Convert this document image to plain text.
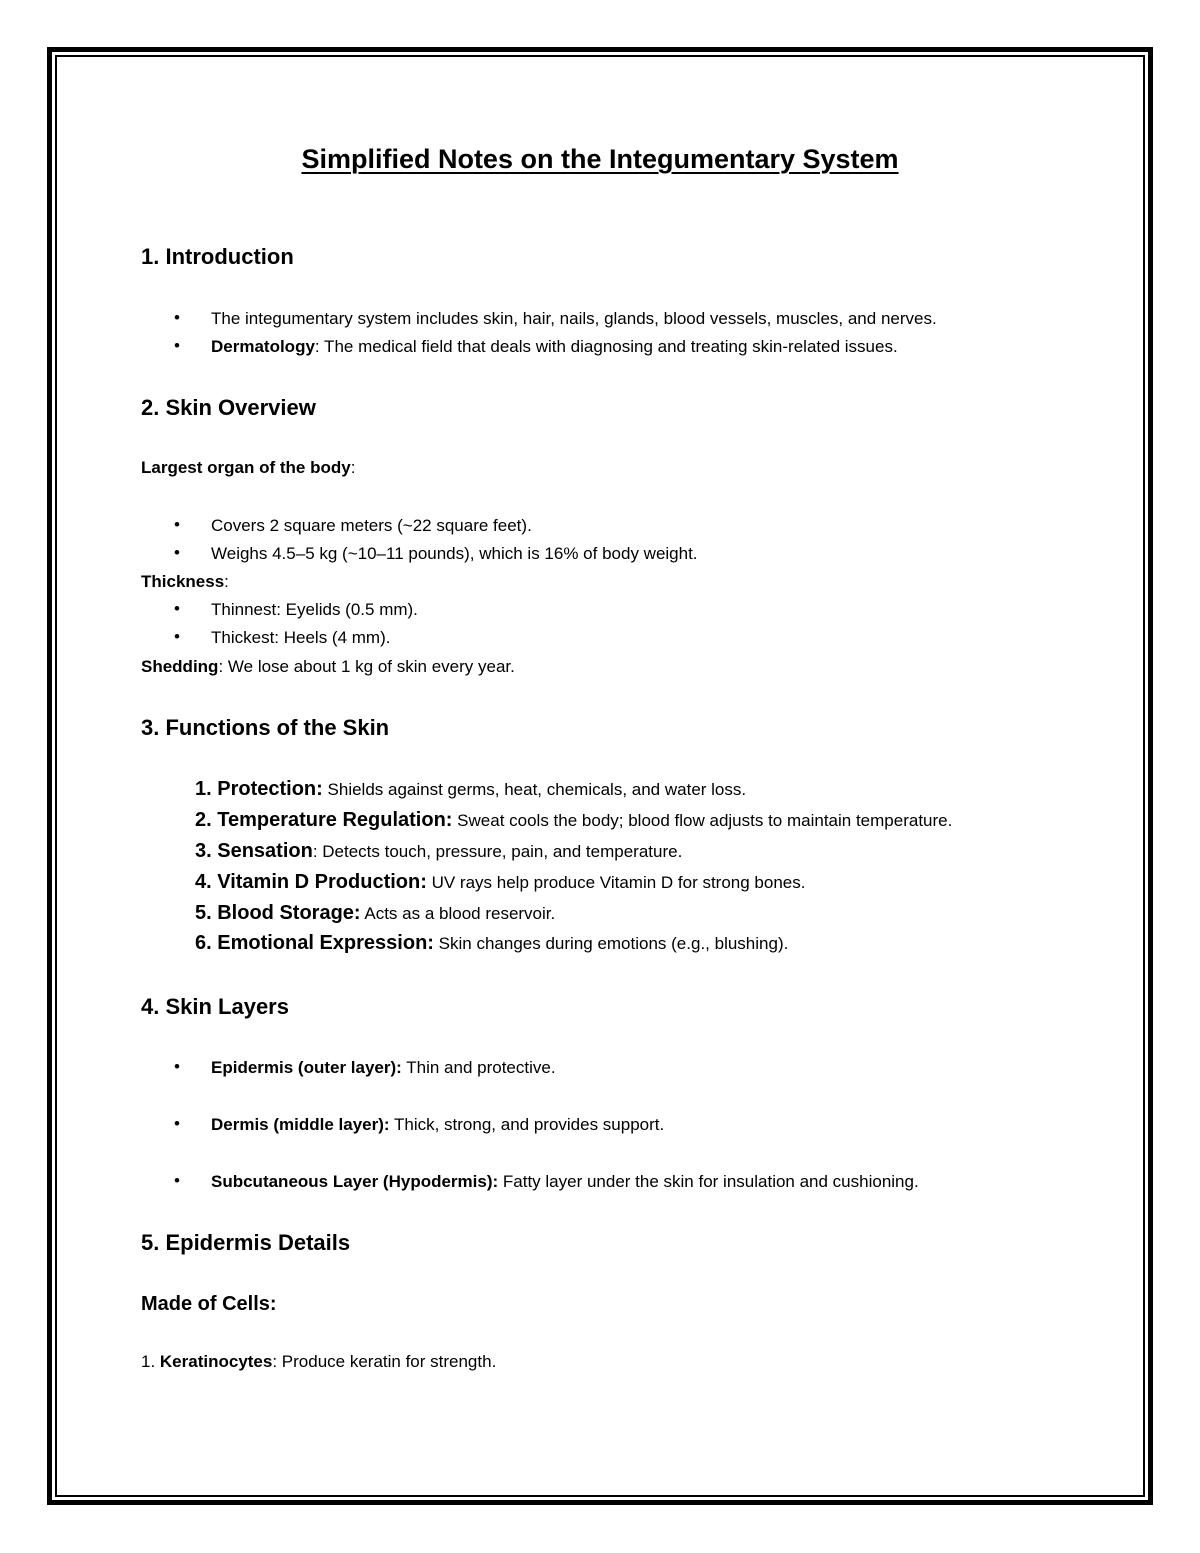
Simplified Notes on the Integumentary System
1. Introduction
• The integumentary system includes skin, hair, nails, glands, blood vessels, muscles, and nerves.
• Dermatology: The medical field that deals with diagnosing and treating skin-related issues.
2. Skin Overview
Largest organ of the body:
• Covers 2 square meters (~22 square feet).
• Weighs 4.5–5 kg (~10–11 pounds), which is 16% of body weight.
Thickness:
• Thinnest: Eyelids (0.5 mm).
• Thickest: Heels (4 mm).
Shedding: We lose about 1 kg of skin every year.
3. Functions of the Skin
1. Protection: Shields against germs, heat, chemicals, and water loss.
2. Temperature Regulation: Sweat cools the body; blood flow adjusts to maintain temperature.
3. Sensation: Detects touch, pressure, pain, and temperature.
4. Vitamin D Production: UV rays help produce Vitamin D for strong bones.
5. Blood Storage: Acts as a blood reservoir.
6. Emotional Expression: Skin changes during emotions (e.g., blushing).
4. Skin Layers
• Epidermis (outer layer): Thin and protective.
• Dermis (middle layer): Thick, strong, and provides support.
• Subcutaneous Layer (Hypodermis): Fatty layer under the skin for insulation and cushioning.
5. Epidermis Details
Made of Cells:
1. Keratinocytes: Produce keratin for strength.
